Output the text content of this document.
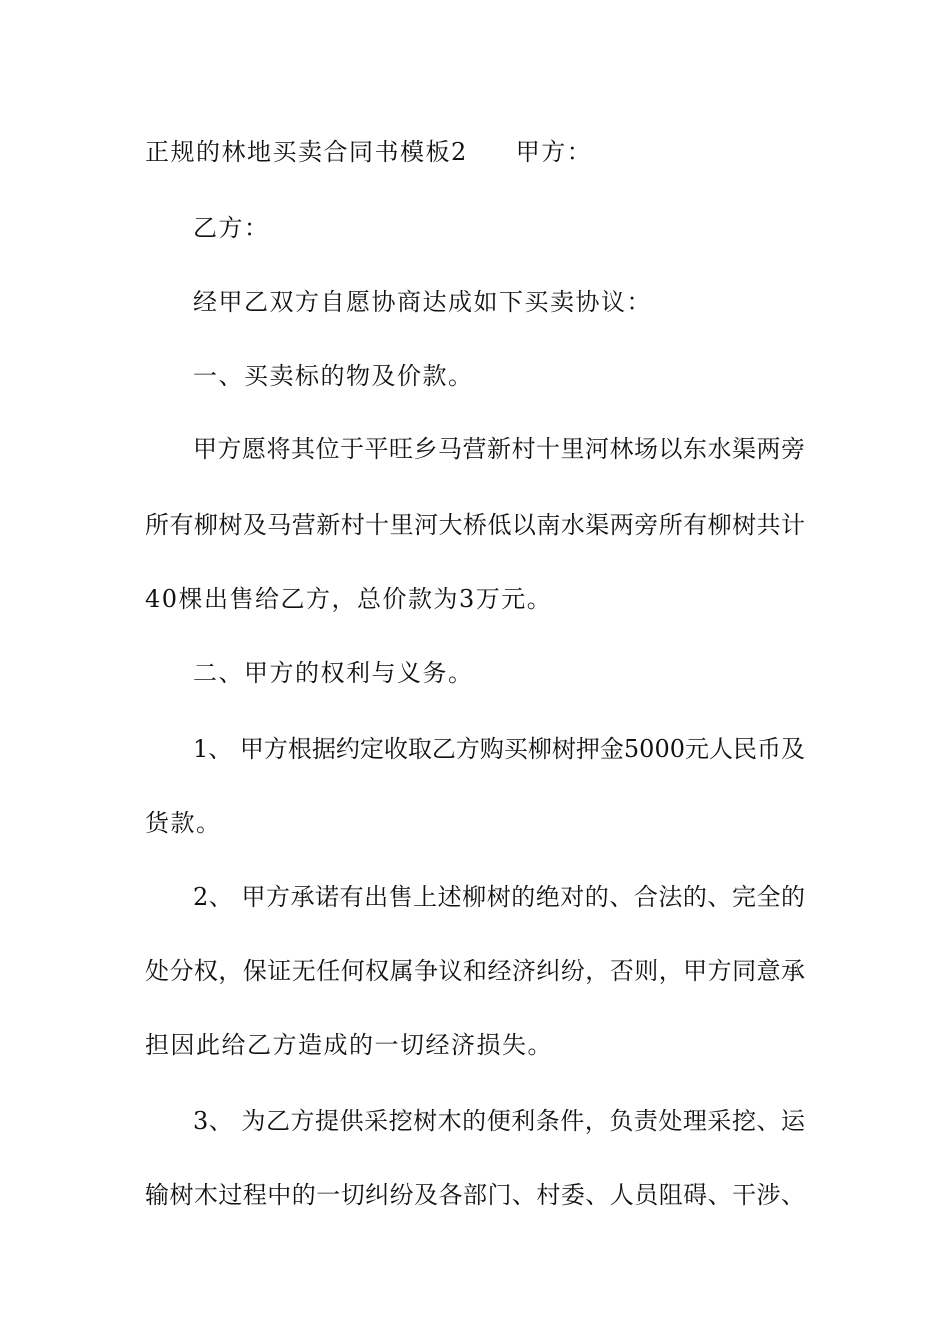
正规的林地买卖合同书模板2 甲方：
乙方：
经甲乙双方自愿协商达成如下买卖协议：
一、买卖标的物及价款。
甲方愿将其位于平旺乡马营新村十里河林场以东水渠两旁
所有柳树及马营新村十里河大桥低以南水渠两旁所有柳树共计
40棵出售给乙方，总价款为3万元。
二、甲方的权利与义务。
1、 甲方根据约定收取乙方购买柳树押金5000元人民币及
货款。
2、 甲方承诺有出售上述柳树的绝对的、合法的、完全的
处分权，保证无任何权属争议和经济纠纷，否则，甲方同意承
担因此给乙方造成的一切经济损失。
3、 为乙方提供采挖树木的便利条件，负责处理采挖、运
输树木过程中的一切纠纷及各部门、村委、人员阻碍、干涉、
